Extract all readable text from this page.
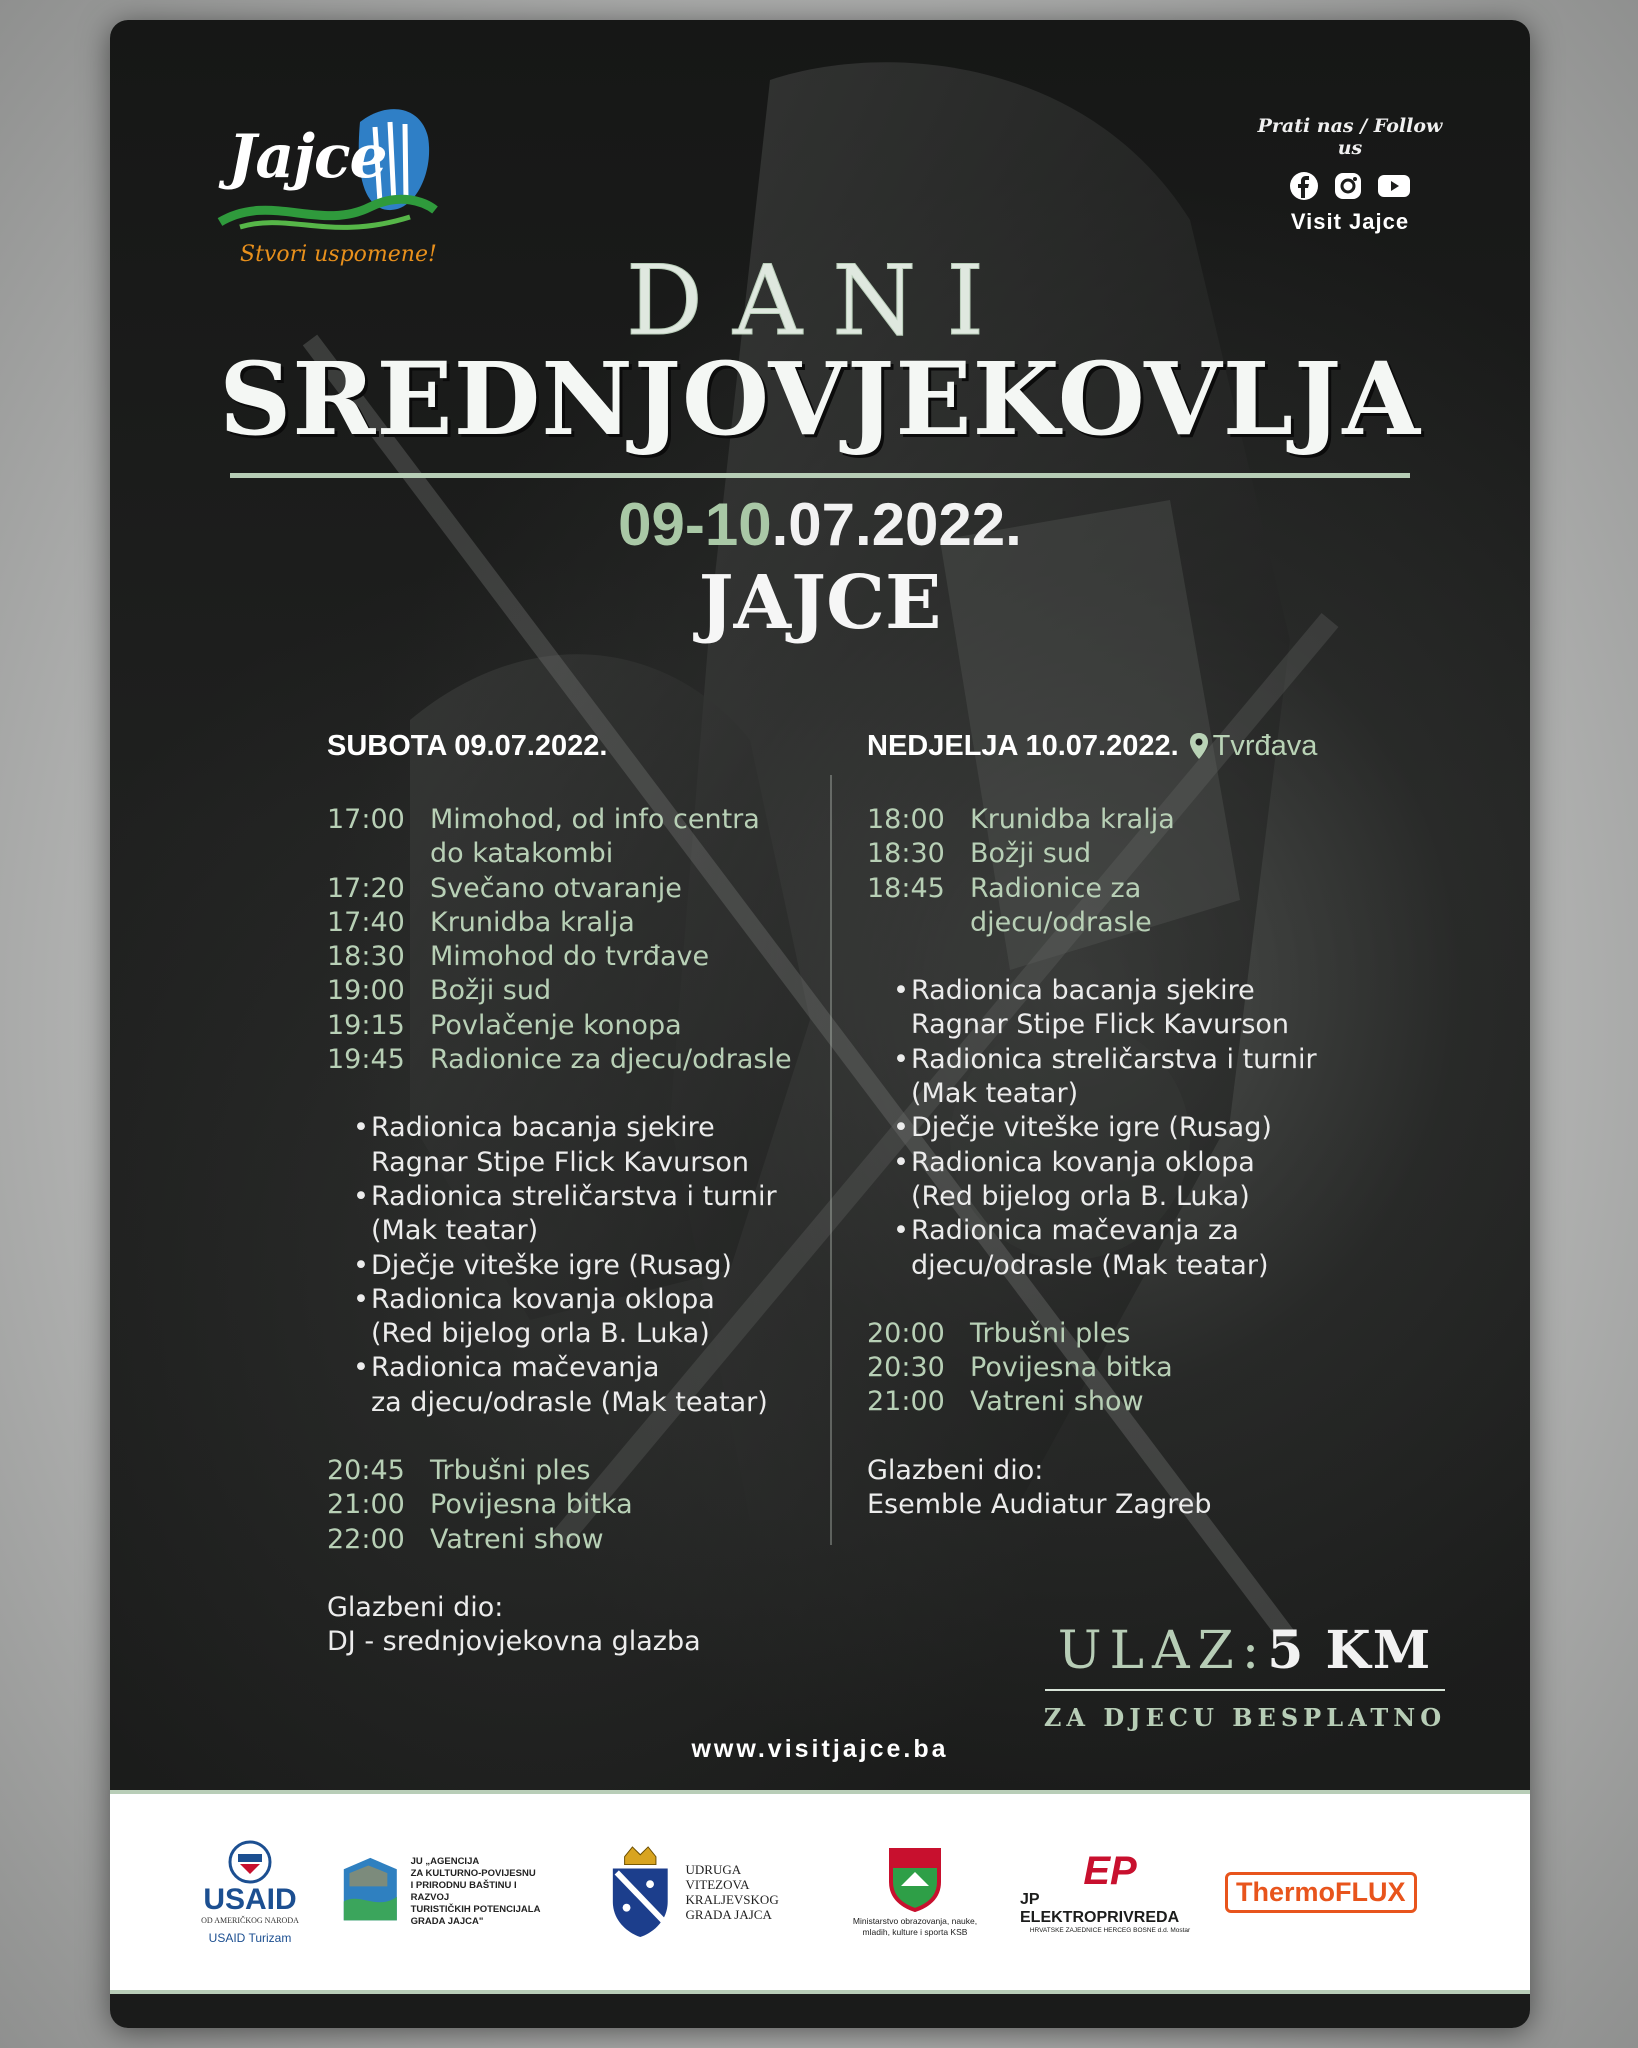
Jajce
Stvori uspomene!
Prati nas / Follow us
Visit Jajce
DANI
SREDNJOVJEKOVLJA
09-10.07.2022.
JAJCE
SUBOTA 09.07.2022.
17:00 Mimohod, od info centra
do katakombi
17:20 Svečano otvaranje
17:40 Krunidba kralja
18:30 Mimohod do tvrđave
19:00 Božji sud
19:15 Povlačenje konopa
19:45 Radionice za djecu/odrasle
• Radionica bacanja sjekire
Ragnar Stipe Flick Kavurson
• Radionica streličarstva i turnir
(Mak teatar)
• Dječje viteške igre (Rusag)
• Radionica kovanja oklopa
(Red bijelog orla B. Luka)
• Radionica mačevanja
za djecu/odrasle (Mak teatar)
20:45 Trbušni ples
21:00 Povijesna bitka
22:00 Vatreni show
Glazbeni dio:
DJ - srednjovjekovna glazba
NEDJELJA 10.07.2022. Tvrđava
18:00 Krunidba kralja
18:30 Božji sud
18:45 Radionice za
djecu/odrasle
• Radionica bacanja sjekire
Ragnar Stipe Flick Kavurson
• Radionica streličarstva i turnir
(Mak teatar)
• Dječje viteške igre (Rusag)
• Radionica kovanja oklopa
(Red bijelog orla B. Luka)
• Radionica mačevanja za
djecu/odrasle (Mak teatar)
20:00 Trbušni ples
20:30 Povijesna bitka
21:00 Vatreni show
Glazbeni dio:
Esemble Audiatur Zagreb
ULAZ:5 KM
ZA DJECU BESPLATNO
www.visitjajce.ba
USAID
OD AMERIČKOG NARODA
USAID Turizam
JU „AGENCIJA
ZA KULTURNO-POVIJESNU
I PRIRODNU BAŠTINU I RAZVOJ
TURISTIČKIH POTENCIJALA
GRADA JAJCA"
UDRUGA VITEZOVA
KRALJEVSKOG
GRADA JAJCA	Ministarstvo obrazovanja, nauke,
mladih, kulture i sporta KSB
EP
JP ELEKTROPRIVREDA
HRVATSKE ZAJEDNICE HERCEG BOSNE d.d. Mostar
ThermoFLUX
